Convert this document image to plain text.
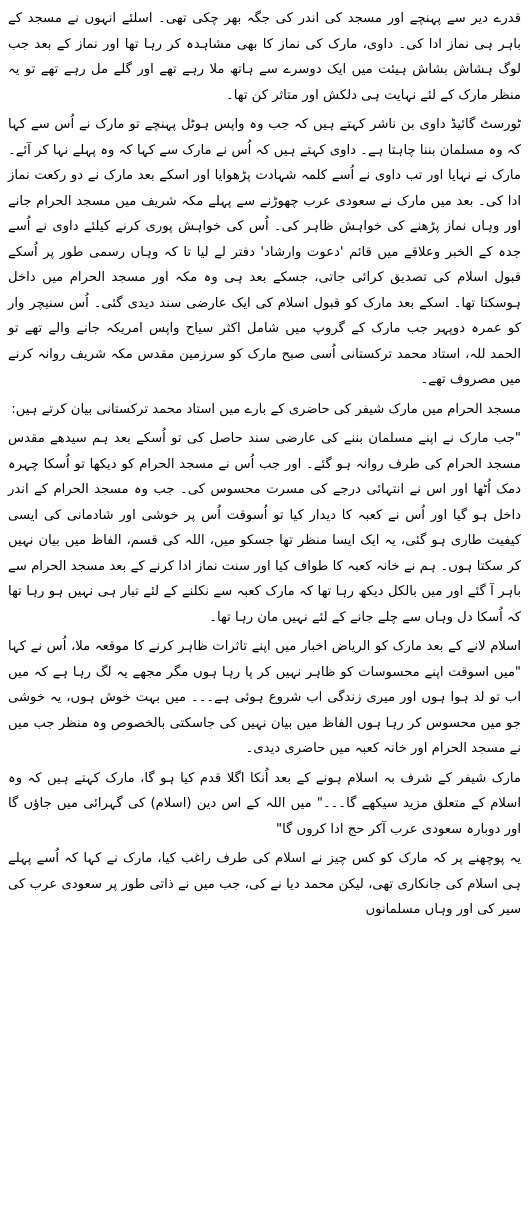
قدرے دیر سے پہنچے اور مسجد کی اندر کی جگہ بھر چکی تھی۔ اسلئے انہوں نے مسجد کے باہر ہی نماز ادا کی۔ داوی، مارک کی نماز کا بھی مشاہدہ کر رہا تھا اور نماز کے بعد جب لوگ ہشاش بشاش ہیئت میں ایک دوسرے سے ہاتھ ملا رہے تھے اور گلے مل رہے تھے تو یہ منظر مارک کے لئے نہایت ہی دلکش اور متاثر کن تھا۔

ٹورسٹ گائیڈ داوی بن ناشر کہتے ہیں کہ جب وہ واپس ہوٹل پہنچے تو مارک نے اُس سے کہا کہ وہ مسلمان بننا چاہتا ہے۔ داوی کہتے ہیں کہ اُس نے مارک سے کہا کہ وہ پہلے نہا کر آئے۔ مارک نے نہایا اور تب داوی نے اُسے کلمہ شہادت پڑھوایا اور اسکے بعد مارک نے دو رکعت نماز ادا کی۔ بعد میں مارک نے سعودی عرب چھوڑنے سے پہلے مکہ شریف میں مسجد الحرام جانے اور وہاں نماز پڑھنے کی خواہش ظاہر کی۔ اُس کی خواہش پوری کرنے کیلئے داوی نے اُسے جدہ کے الخبر وعلاقے میں قائم 'دعوت وارشاد' دفتر لے لیا تا کہ وہاں رسمی طور پر اُسکے قبول اسلام کی تصدیق کرائی جاتی، جسکے بعد ہی وہ مکہ اور مسجد الحرام میں داخل ہوسکتا تھا۔ اسکے بعد مارک کو قبول اسلام کی ایک عارضی سند دیدی گئی۔ اُس سنیچر وار کو عمرہ دوپہر جب مارک کے گروپ میں شامل اکثر سیاح واپس امریکہ جانے والے تھے تو الحمد للہ، استاد محمد ترکستانی اُسی صبح مارک کو سرزمین مقدس مکہ شریف روانہ کرنے میں مصروف تھے۔

مسجد الحرام میں مارک شیفر کی حاضری کے بارے میں استاد محمد ترکستانی بیان کرتے ہیں:

"جب مارک نے اپنے مسلمان بننے کی عارضی سند حاصل کی تو اُسکے بعد ہم سیدھے مقدس مسجد الحرام کی طرف روانہ ہو گئے۔ اور جب اُس نے مسجد الحرام کو دیکھا تو اُسکا چہرہ دمک اُٹھا اور اس نے انتہائی درجے کی مسرت محسوس کی۔ جب وہ مسجد الحرام کے اندر داخل ہو گیا اور اُس نے کعبہ کا دیدار کیا تو اُسوقت اُس پر خوشی اور شادمانی کی ایسی کیفیت طاری ہو گئی، یہ ایک ایسا منظر تھا جسکو میں، اللہ کی قسم، الفاظ میں بیان نہیں کر سکتا ہوں۔ ہم نے خانہ کعبہ کا طواف کیا اور سنت نماز ادا کرنے کے بعد مسجد الحرام سے باہر آ گئے اور میں بالکل دیکھ رہا تھا کہ مارک کعبہ سے نکلنے کے لئے تیار ہی نہیں ہو رہا تھا کہ اُسکا دل وہاں سے چلے جانے کے لئے نہیں مان رہا تھا۔

اسلام لانے کے بعد مارک کو الریاض اخبار میں اپنے تاثرات ظاہر کرنے کا موقعہ ملا، اُس نے کہا "میں اسوقت اپنے محسوسات کو ظاہر نہیں کر پا رہا ہوں مگر مجھے یہ لگ رہا ہے کہ میں اب تو لد ہوا ہوں اور میری زندگی اب شروع ہوئی ہے۔۔۔ میں بہت خوش ہوں، یہ خوشی جو میں محسوس کر رہا ہوں الفاظ میں بیان نہیں کی جاسکتی بالخصوص وہ منظر جب میں نے مسجد الحرام اور خانہ کعبہ میں حاضری دیدی۔

مارک شیفر کے شرف بہ اسلام ہونے کے بعد اُنکا اگلا قدم کیا ہو گا، مارک کہتے ہیں کہ وہ اسلام کے متعلق مزید سیکھے گا۔۔۔" میں اللہ کے اس دین (اسلام) کی گہرائی میں جاؤں گا اور دوبارہ سعودی عرب آکر حج ادا کروں گا"

یہ پوچھنے پر کہ مارک کو کس چیز نے اسلام کی طرف راغب کیا، مارک نے کہا کہ اُسے پہلے ہی اسلام کی جانکاری تھی، لیکن محمد دیا نے کی، جب میں نے ذاتی طور پر سعودی عرب کی سیر کی اور وہاں مسلمانوں
